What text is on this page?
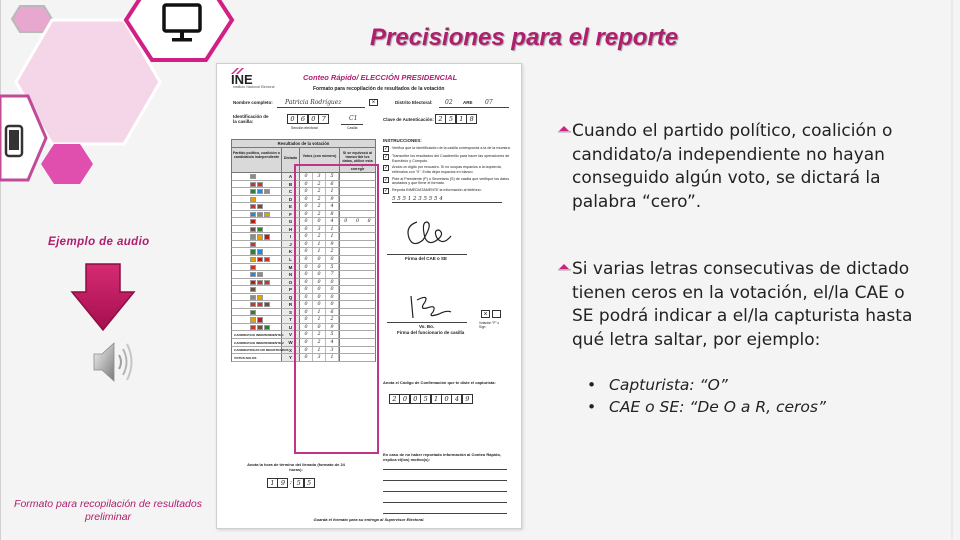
Precisiones para el reporte
Ejemplo de audio
Formato para recopilación de resultados preliminar
INE
Instituto Nacional Electoral
Conteo Rápido/ ELECCIÓN PRESIDENCIAL
Formato para recopilación de resultados de la votación
Nombre completo: Patricia Rodríguez	×	Distrito Electoral: 02 ARE 07
Identificación de la casilla:	0 6 0 7	C1
Sección electoral	Casilla
Clave de Autenticación: 2 5 1 8
Resultados de la votación
Partido político, coalición o candidato/a independiente	Dictado	Votos (con número)
Sí se equivocó al transcribir los datos, utilice esta columna para corregir
A	0	3	5
B	0	2	6
C	0	2	1
D	0	2	9
E	0	2	4
F	0	2	8
G	0	0	4	0	0	8
H	0	3	1
I	0	2	1
J	0	1	9
K	0	1	2
L	0	0	0
M	0	0	5
N	0	0	7
O	0	0	0
P	0	0	0
Q	0	0	0
R	0	0	0
S	0	1	6
T	0	1	2
U	0	0	9
CANDIDATA/O INDEPENDIENTE 1	V	0	2	5
CANDIDATA/O INDEPENDIENTE 2	W	0	2	4
CANDIDATOS/AS NO REGISTRADOS X	0	1	3
VOTOS NULOS	Y	0	3	1
INSTRUCCIONES:
✓ Verifica que la identificación de la casilla corresponda a la de la muestra.
✓ Transcribe los resultados del Cuadernillo para hacer las operaciones de Escrutinio y Cómputo.
✓ Anota un dígito por recuadro. Si no ocupas espacios a la izquierda, rellénalos con "0". Evita dejar espacios en blanco.
✓ Pide al Presidente (P) o Secretario (S) de casilla que verifique los datos anotados y que firme el formato.
✓ Reporta INMEDIATAMENTE la información al teléfono:
5 5 5 1 2 3 5 5 5 4
Firma del CAE o SE
Vo. Bo.
Firma del funcionario de casilla
×
Votación "P" o Sign
Anota el Código de Confirmación que te diste el capturista:
2 0 0 5 1 0 4 9
En caso de no haber reportado información al Conteo Rápido, explica el(los) motivo(s):
Anota la hora de término del llenado (formato de 24 horas):
1 9 : 5 5
Guarda el formato para su entrega al Supervisor Electoral.
Cuando el partido político, coalición o candidato/a independiente no hayan conseguido algún voto, se dictará la palabra “cero”.
Si varias letras consecutivas de dictado tienen ceros en la votación, el/la CAE o SE podrá indicar a el/la capturista hasta qué letra saltar, por ejemplo:
• Capturista: “O”
• CAE o SE: “De O a R, ceros”
